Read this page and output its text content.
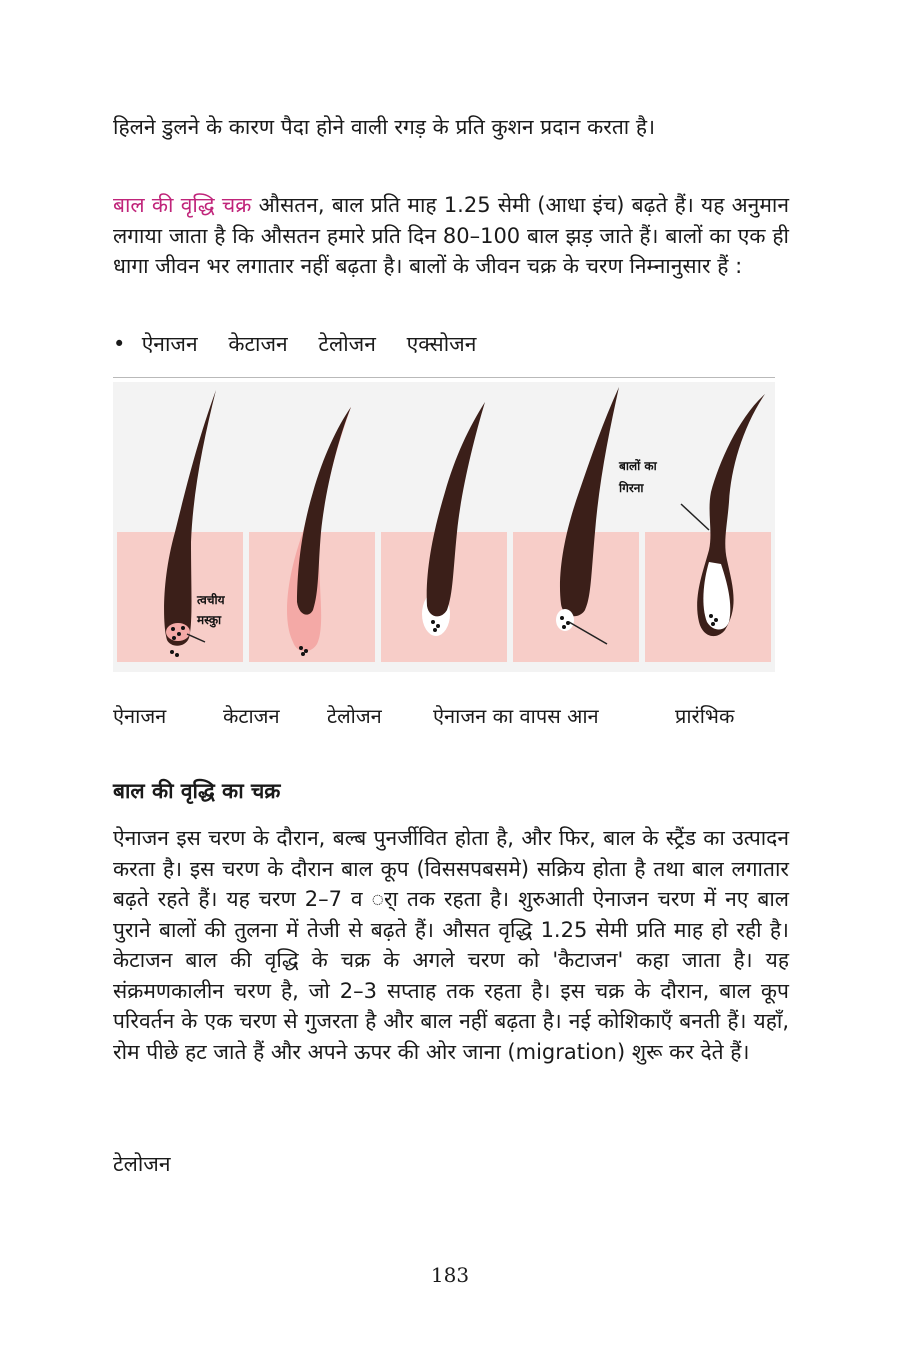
हिलने डुलने के कारण पैदा होने वाली रगड़ के प्रति कुशन प्रदान करता है।

बाल की वृद्धि चक्र औसतन, बाल प्रति माह 1.25 सेमी (आधा इंच) बढ़ते हैं। यह अनुमान लगाया जाता है कि औसतन हमारे प्रति दिन 80–100 बाल झड़ जाते हैं। बालों का एक ही धागा जीवन भर लगातार नहीं बढ़ता है। बालों के जीवन चक्र के चरण निम्नानुसार हैं :

• ऐनाजन केटाजन टेलोजन एक्सोजन
त्वचीय
मस्कुा
बालों का
गिरना
ऐनाजन	केटाजन टेलोजन	ऐनाजन का वापस आन	प्रारंभिक
बाल की वृद्धि का चक्र

ऐनाजन इस चरण के दौरान, बल्ब पुनर्जीवित होता है, और फिर, बाल के स्ट्रैंड का उत्पादन करता है। इस चरण के दौरान बाल कूप (विससपबसमे) सक्रिय होता है तथा बाल लगातार बढ़ते रहते हैं। यह चरण 2–7 व र्ा तक रहता है। शुरुआती ऐनाजन चरण में नए बाल पुराने बालों की तुलना में तेजी से बढ़ते हैं। औसत वृद्धि 1.25 सेमी प्रति माह हो रही है। केटाजन बाल की वृद्धि के चक्र के अगले चरण को 'कैटाजन' कहा जाता है। यह संक्रमणकालीन चरण है, जो 2–3 सप्ताह तक रहता है। इस चक्र के दौरान, बाल कूप परिवर्तन के एक चरण से गुजरता है और बाल नहीं बढ़ता है। नई कोशिकाएँ बनती हैं। यहाँ, रोम पीछे हट जाते हैं और अपने ऊपर की ओर जाना (migration) शुरू कर देते हैं।

टेलोजन
183
